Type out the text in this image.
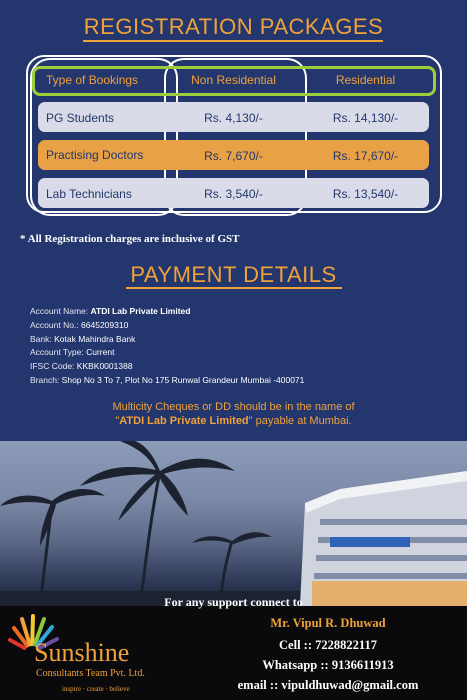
REGISTRATION PACKAGES
Type of Bookings	Non Residential	Residential
PG Students	Rs. 4,130/-	Rs. 14,130/-
Practising Doctors	Rs. 7,670/-	Rs. 17,670/-
Lab Technicians	Rs. 3,540/-	Rs. 13,540/-
* All Registration charges are inclusive of GST
PAYMENT DETAILS
Account Name: ATDI Lab Private Limited
Account No.: 6645209310
Bank: Kotak Mahindra Bank
Account Type: Current
IFSC Code: KKBK0001388
Branch: Shop No 3 To 7, Plot No 175 Runwal Grandeur Mumbai -400071
Multicity Cheques or DD should be in the name of
"ATDI Lab Private Limited" payable at Mumbai.
For any support connect to
Sunshine
Consultants Team Pvt. Ltd.
inspire · create · believe
Mr. Vipul R. Dhuwad
Cell :: 7228822117
Whatsapp :: 9136611913
email :: vipuldhuwad@gmail.com
